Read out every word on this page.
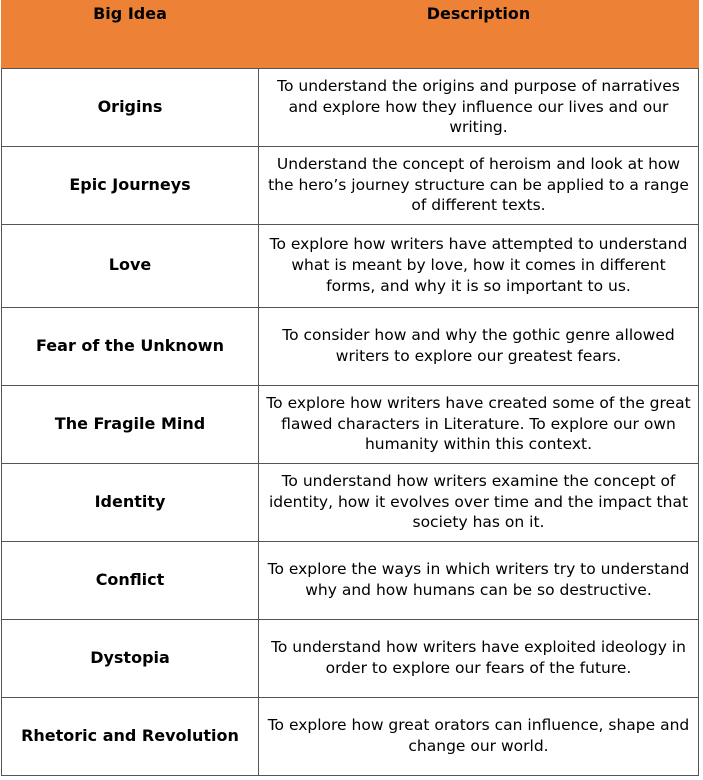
Big Idea	Description
Origins	To understand the origins and purpose of narratives and explore how they influence our lives and our writing.
Epic Journeys	Understand the concept of heroism and look at how the hero’s journey structure can be applied to a range of different texts.
Love	To explore how writers have attempted to understand what is meant by love, how it comes in different forms, and why it is so important to us.
Fear of the Unknown	To consider how and why the gothic genre allowed writers to explore our greatest fears.
The Fragile Mind	To explore how writers have created some of the great flawed characters in Literature. To explore our own humanity within this context.
Identity	To understand how writers examine the concept of identity, how it evolves over time and the impact that society has on it.
Conflict	To explore the ways in which writers try to understand why and how humans can be so destructive.
Dystopia	To understand how writers have exploited ideology in order to explore our fears of the future.
Rhetoric and Revolution	To explore how great orators can influence, shape and change our world.
